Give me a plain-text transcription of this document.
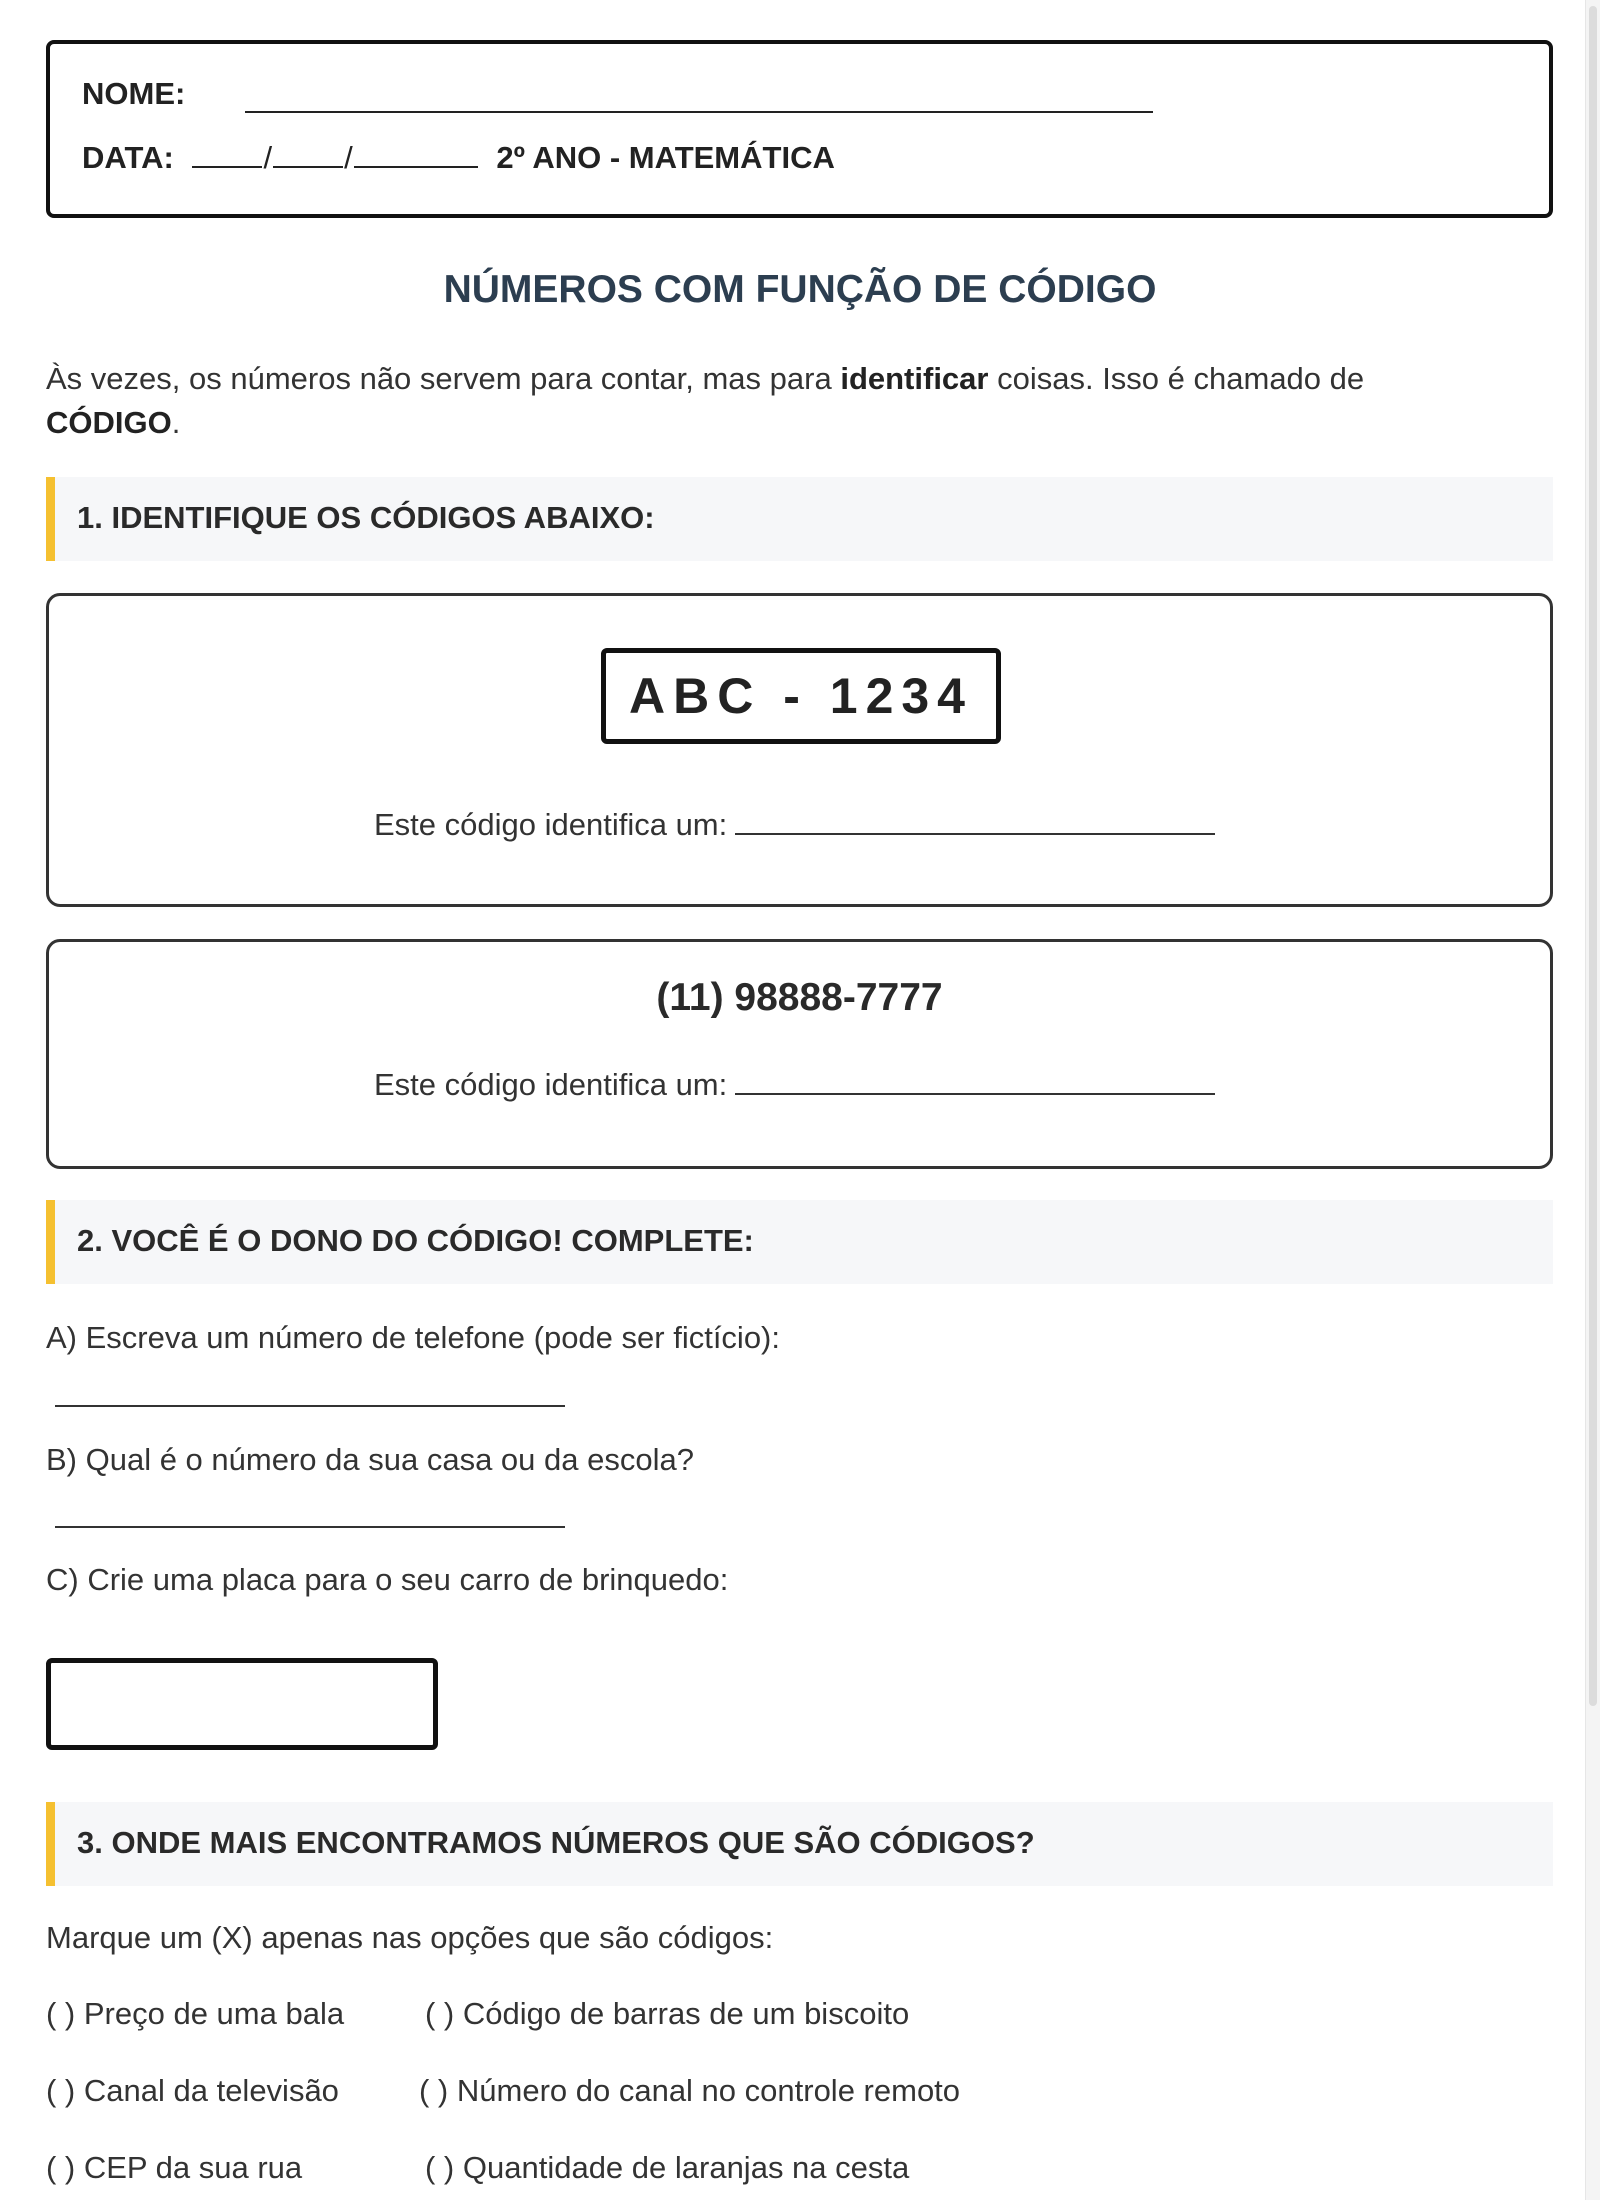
NOME:
DATA:	/ /	2º ANO - MATEMÁTICA
NÚMEROS COM FUNÇÃO DE CÓDIGO
Às vezes, os números não servem para contar, mas para identificar coisas. Isso é chamado de
CÓDIGO.
1. IDENTIFIQUE OS CÓDIGOS ABAIXO:
ABC - 1234
Este código identifica um:
(11) 98888-7777
Este código identifica um:
2. VOCÊ É O DONO DO CÓDIGO! COMPLETE:
A) Escreva um número de telefone (pode ser fictício):
B) Qual é o número da sua casa ou da escola?
C) Crie uma placa para o seu carro de brinquedo:
3. ONDE MAIS ENCONTRAMOS NÚMEROS QUE SÃO CÓDIGOS?
Marque um (X) apenas nas opções que são códigos:
( ) Preço de uma bala	( ) Código de barras de um biscoito
( ) Canal da televisão	( ) Número do canal no controle remoto
( ) CEP da sua rua	( ) Quantidade de laranjas na cesta
